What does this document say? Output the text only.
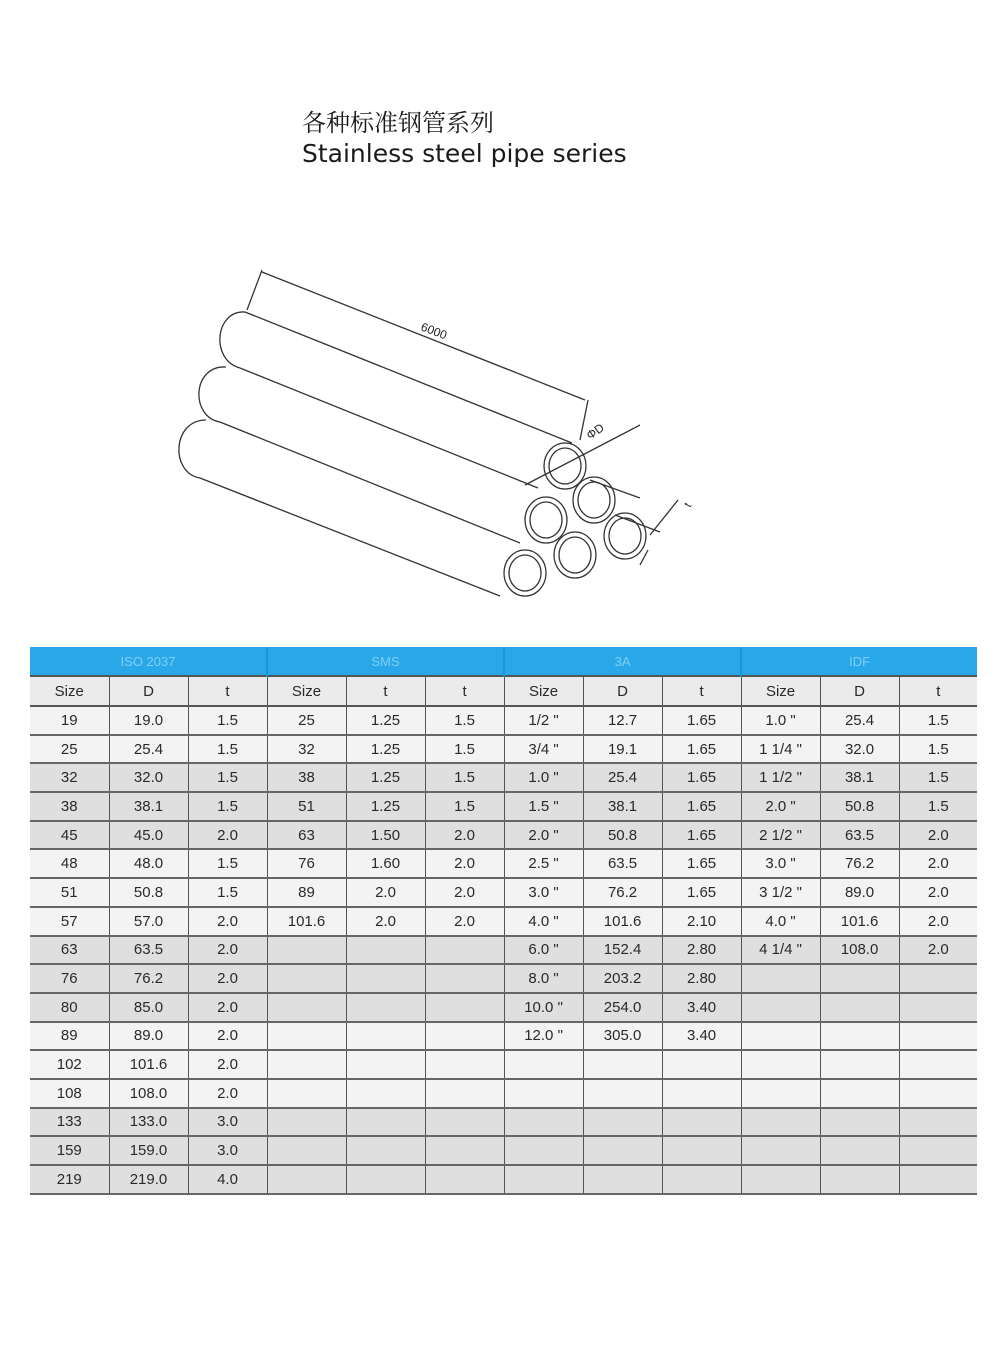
各种标准钢管系列
Stainless steel pipe series
6000
ΦD
t
ISO 2037			SMS			3A			IDF		
Size	D	t	Size	t	t	Size	D	t	Size	D	t
19	19.0	1.5	25	1.25	1.5	1/2 "	12.7	1.65	1.0 "	25.4	1.5
25	25.4	1.5	32	1.25	1.5	3/4 "	19.1	1.65	1 1/4 "	32.0	1.5
32	32.0	1.5	38	1.25	1.5	1.0 "	25.4	1.65	1 1/2 "	38.1	1.5
38	38.1	1.5	51	1.25	1.5	1.5 "	38.1	1.65	2.0 "	50.8	1.5
45	45.0	2.0	63	1.50	2.0	2.0 "	50.8	1.65	2 1/2 "	63.5	2.0
48	48.0	1.5	76	1.60	2.0	2.5 "	63.5	1.65	3.0 "	76.2	2.0
51	50.8	1.5	89	2.0	2.0	3.0 "	76.2	1.65	3 1/2 "	89.0	2.0
57	57.0	2.0	101.6	2.0	2.0	4.0 "	101.6	2.10	4.0 "	101.6	2.0
63	63.5	2.0				6.0 "	152.4	2.80	4 1/4 "	108.0	2.0
76	76.2	2.0				8.0 "	203.2	2.80			
80	85.0	2.0				10.0 "	254.0	3.40			
89	89.0	2.0				12.0 "	305.0	3.40			
102	101.6	2.0									
108	108.0	2.0									
133	133.0	3.0									
159	159.0	3.0									
219	219.0	4.0									
